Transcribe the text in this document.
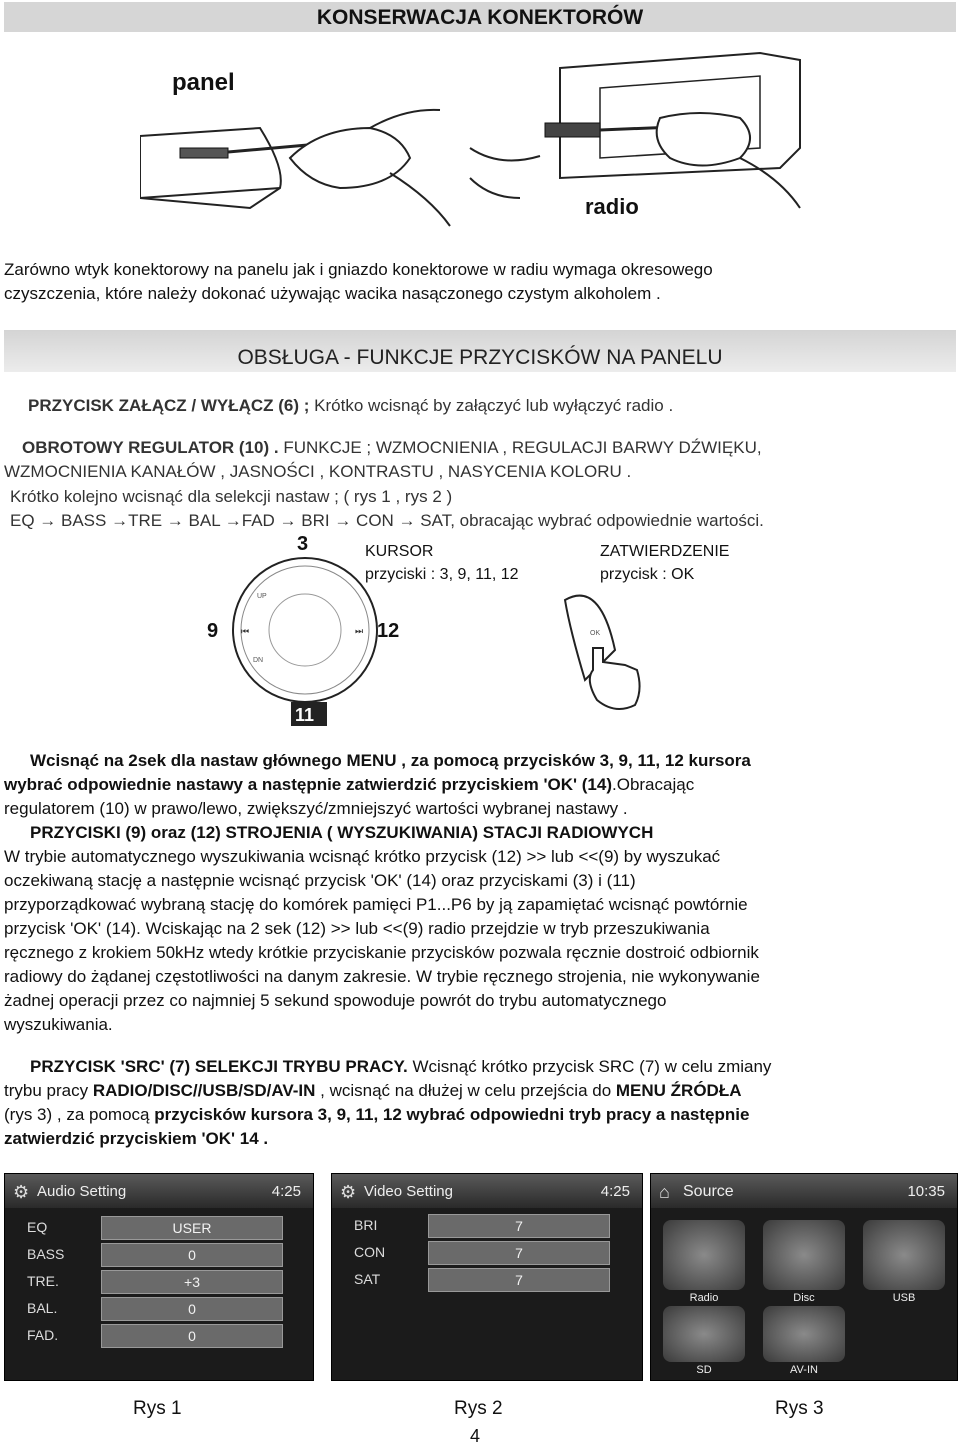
KONSERWACJA KONEKTORÓW
panel
radio
Zarówno wtyk konektorowy na panelu jak i gniazdo konektorowe w radiu wymaga okresowego
czyszczenia, które należy dokonać używając wacika nasączonego czystym alkoholem .
OBSŁUGA - FUNKCJE PRZYCISKÓW NA PANELU
PRZYCISK ZAŁĄCZ / WYŁĄCZ (6) ; Krótko wcisnąć by załączyć lub wyłączyć radio .
OBROTOWY REGULATOR (10) . FUNKCJE ; WZMOCNIENIA , REGULACJI BARWY DŹWIĘKU,
WZMOCNIENIA KANAŁÓW , JASNOŚCI , KONTRASTU , NASYCENIA KOLORU .
Krótko kolejno wcisnąć dla selekcji nastaw ; ( rys 1 , rys 2 )
EQ → BASS →TRE → BAL →FAD → BRI → CON → SAT, obracając wybrać odpowiednie wartości.
3
9	12
11
UP
DN
⏮	⏭
KURSOR
przyciski : 3, 9, 11, 12
ZATWIERDZENIE
przycisk : OK
OK
Wcisnąć na 2sek dla nastaw głównego MENU , za pomocą przycisków 3, 9, 11, 12 kursora
wybrać odpowiednie nastawy a następnie zatwierdzić przyciskiem 'OK' (14).Obracając
regulatorem (10) w prawo/lewo, zwiększyć/zmniejszyć wartości wybranej nastawy .
PRZYCISKI (9) oraz (12) STROJENIA ( WYSZUKIWANIA) STACJI RADIOWYCH
W trybie automatycznego wyszukiwania wcisnąć krótko przycisk (12) >> lub <<(9) by wyszukać
oczekiwaną stację a następnie wcisnąć przycisk 'OK' (14) oraz przyciskami (3) i (11)
przyporządkować wybraną stację do komórek pamięci P1...P6 by ją zapamiętać wcisnąć powtórnie
przycisk 'OK' (14). Wciskając na 2 sek (12) >> lub <<(9) radio przejdzie w tryb przeszukiwania
ręcznego z krokiem 50kHz wtedy krótkie przyciskanie przycisków pozwala ręcznie dostroić odbiornik
radiowy do żądanej częstotliwości na danym zakresie. W trybie ręcznego strojenia, nie wykonywanie
żadnej operacji przez co najmniej 5 sekund spowoduje powrót do trybu automatycznego
wyszukiwania.
PRZYCISK 'SRC' (7) SELEKCJI TRYBU PRACY. Wcisnąć krótko przycisk SRC (7) w celu zmiany
trybu pracy RADIO/DISC//USB/SD/AV-IN , wcisnąć na dłużej w celu przejścia do MENU ŹRÓDŁA
(rys 3) , za pomocą przycisków kursora 3, 9, 11, 12 wybrać odpowiedni tryb pracy a następnie
zatwierdzić przyciskiem 'OK' 14 .
⚙ Audio Setting	4:25
EQ	USER
BASS	0
TRE.	+3
BAL.	0
FAD.	0
⚙ Video Setting	4:25
BRI	7
CON	7
SAT	7
⌂ Source	10:35
Radio	Disc	USB
SD	AV-IN
Rys 1	Rys 2	Rys 3
4
